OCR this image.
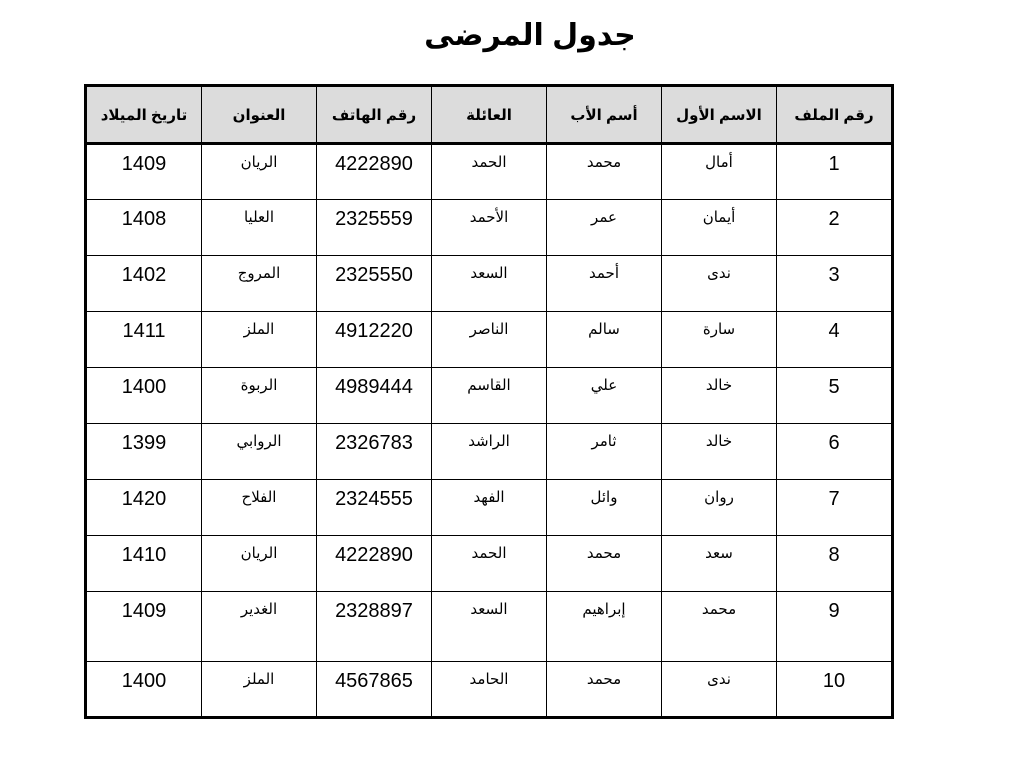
جدول المرضى
رقم الملف	الاسم الأول	أسم الأب	العائلة	رقم الهاتف	العنوان	تاريخ الميلاد
1	أمال	محمد	الحمد	4222890	الريان	1409
2	أيمان	عمر	الأحمد	2325559	العليا	1408
3	ندى	أحمد	السعد	2325550	المروج	1402
4	سارة	سالم	الناصر	4912220	الملز	1411
5	خالد	علي	القاسم	4989444	الربوة	1400
6	خالد	ثامر	الراشد	2326783	الروابي	1399
7	روان	وائل	الفهد	2324555	الفلاح	1420
8	سعد	محمد	الحمد	4222890	الريان	1410
9	محمد	إبراهيم	السعد	2328897	الغدير	1409
10	ندى	محمد	الحامد	4567865	الملز	1400
